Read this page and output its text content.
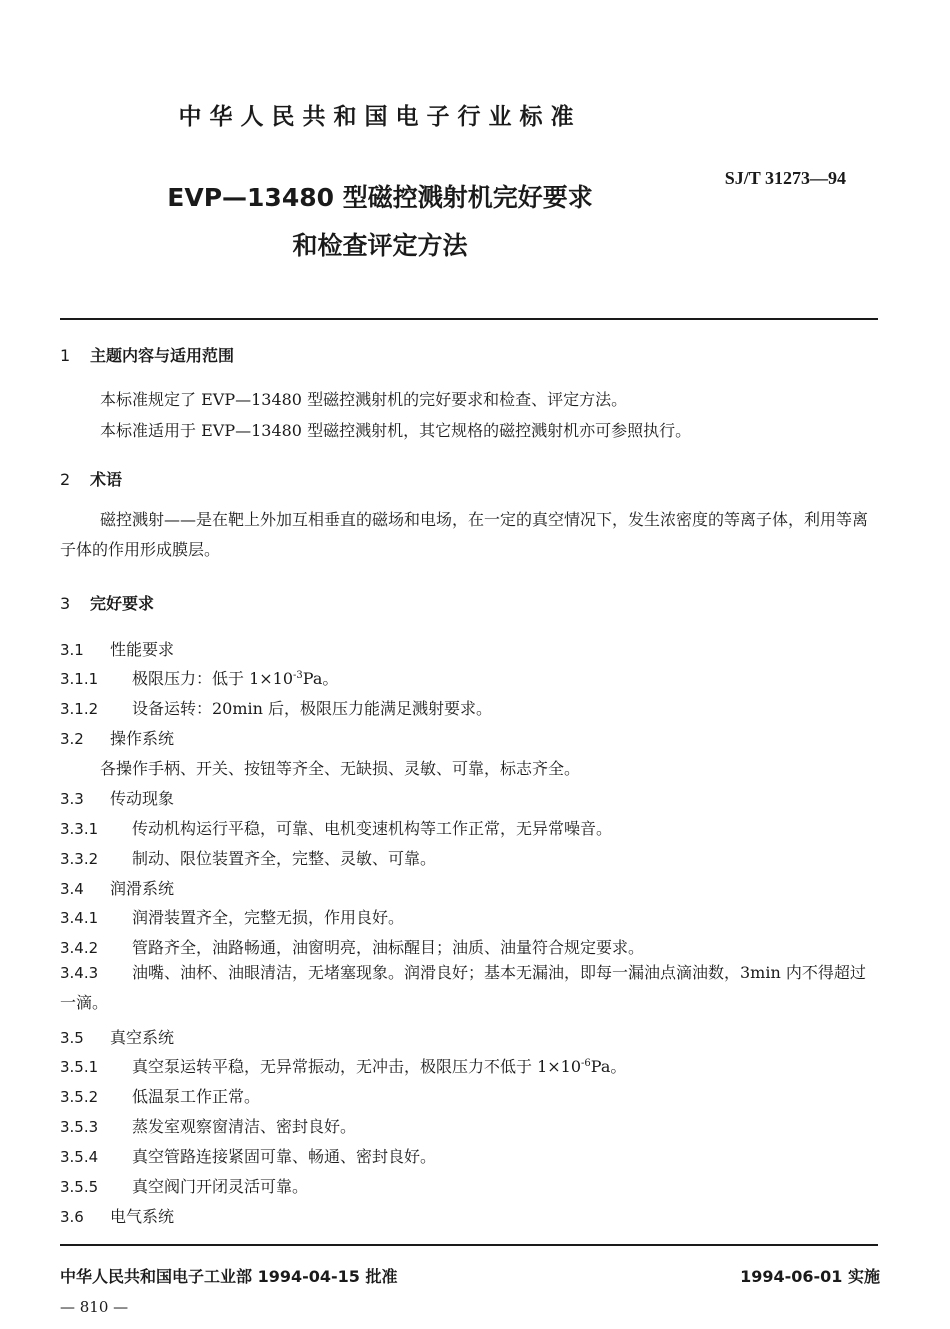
中华人民共和国电子行业标准
SJ/T 31273—94
EVP—13480 型磁控溅射机完好要求
和检查评定方法
1 主题内容与适用范围
本标准规定了 EVP—13480 型磁控溅射机的完好要求和检查、评定方法。
本标准适用于 EVP—13480 型磁控溅射机，其它规格的磁控溅射机亦可参照执行。
2 术语
磁控溅射——是在靶上外加互相垂直的磁场和电场，在一定的真空情况下，发生浓密度的等离子体，利用等离子体的作用形成膜层。
3 完好要求
3.1 性能要求
3.1.1 极限压力：低于 $1\times 10^{-3}Pa$。
3.1.2 设备运转：20min 后，极限压力能满足溅射要求。
3.2 操作系统
各操作手柄、开关、按钮等齐全、无缺损、灵敏、可靠，标志齐全。
3.3 传动现象
3.3.1 传动机构运行平稳，可靠、电机变速机构等工作正常，无异常噪音。
3.3.2 制动、限位装置齐全，完整、灵敏、可靠。
3.4 润滑系统
3.4.1 润滑装置齐全，完整无损，作用良好。
3.4.2 管路齐全，油路畅通，油窗明亮，油标醒目；油质、油量符合规定要求。
3.4.3 油嘴、油杯、油眼清洁，无堵塞现象。润滑良好；基本无漏油，即每一漏油点滴油数，3min 内不得超过一滴。
3.5 真空系统
3.5.1 真空泵运转平稳，无异常振动，无冲击，极限压力不低于 $1\times 10^{-6}Pa$。
3.5.2 低温泵工作正常。
3.5.3 蒸发室观察窗清洁、密封良好。
3.5.4 真空管路连接紧固可靠、畅通、密封良好。
3.5.5 真空阀门开闭灵活可靠。
3.6 电气系统
中华人民共和国电子工业部 1994-04-15 批准	1994-06-01 实施
— 810 —
